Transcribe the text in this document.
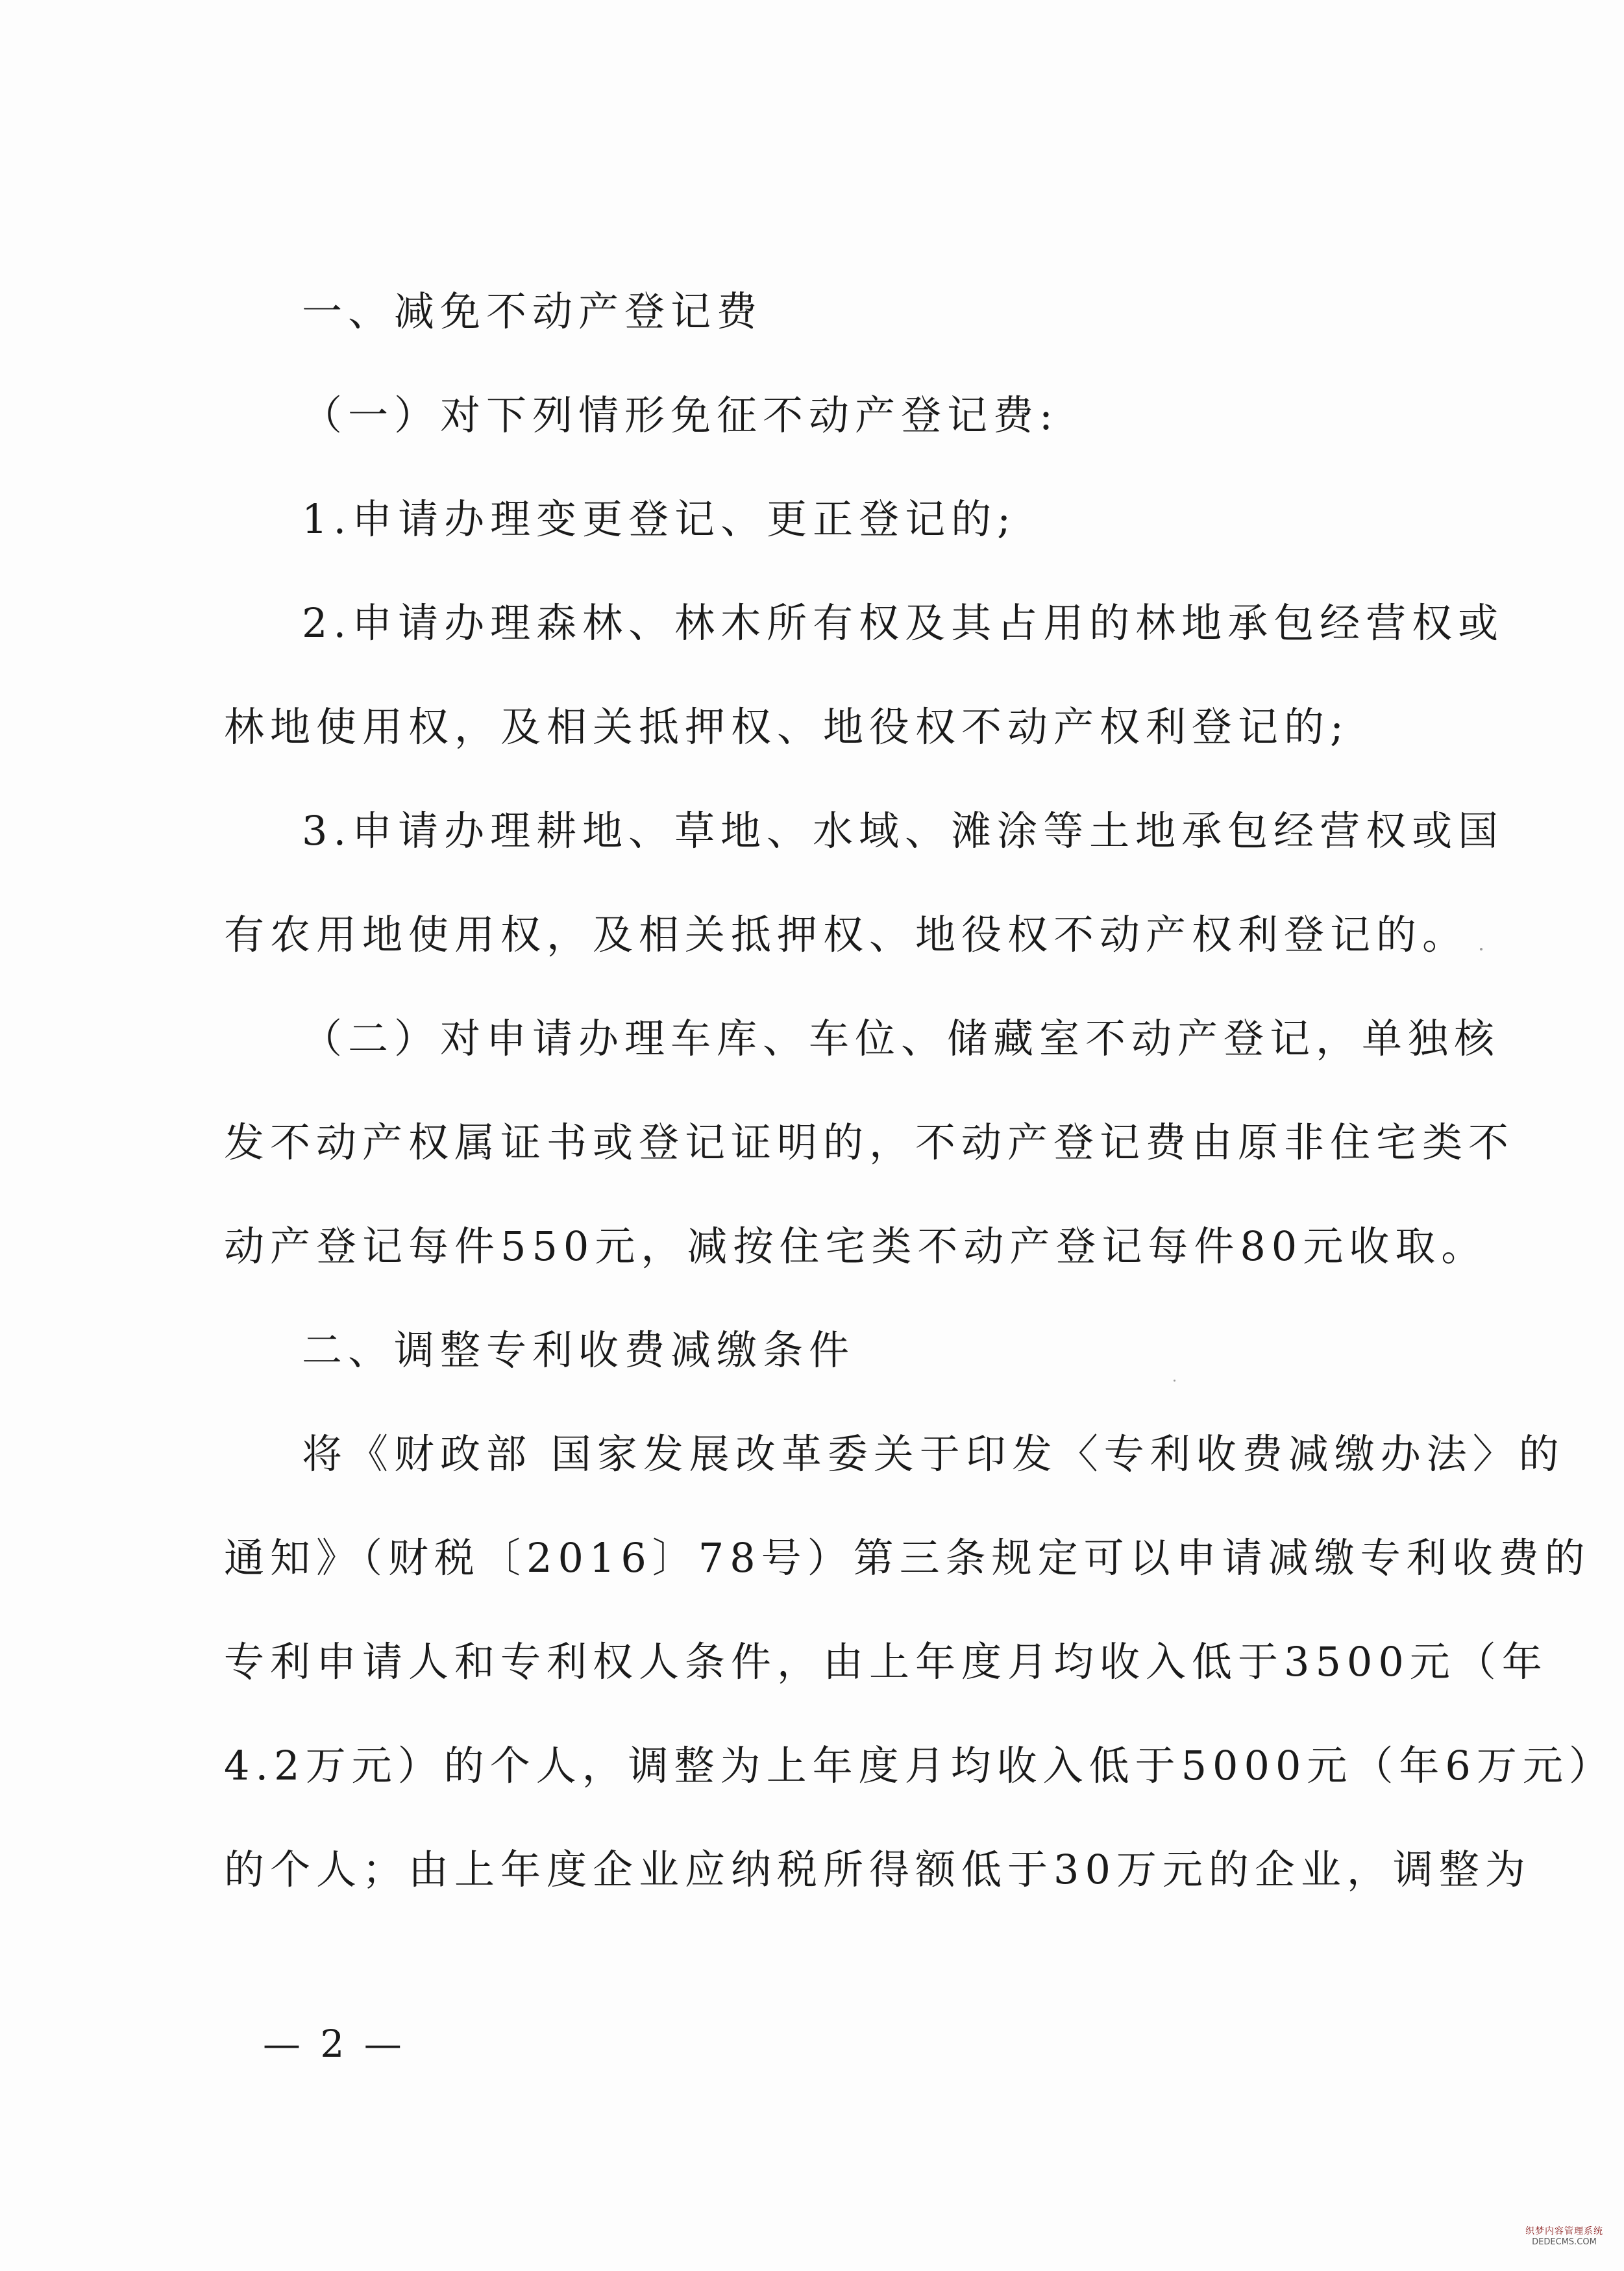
一、减免不动产登记费
（一）对下列情形免征不动产登记费:
1.申请办理变更登记、更正登记的;
2.申请办理森林、林木所有权及其占用的林地承包经营权或
林地使用权，及相关抵押权、地役权不动产权利登记的;
3.申请办理耕地、草地、水域、滩涂等土地承包经营权或国
有农用地使用权，及相关抵押权、地役权不动产权利登记的。
（二）对申请办理车库、车位、储藏室不动产登记，单独核
发不动产权属证书或登记证明的，不动产登记费由原非住宅类不
动产登记每件550元，减按住宅类不动产登记每件80元收取。
二、调整专利收费减缴条件
将《财政部 国家发展改革委关于印发〈专利收费减缴办法〉的
通知》（财税〔2016〕78号）第三条规定可以申请减缴专利收费的
专利申请人和专利权人条件，由上年度月均收入低于3500元（年
4.2万元）的个人，调整为上年度月均收入低于5000元（年6万元）
的个人；由上年度企业应纳税所得额低于30万元的企业，调整为
— 2 —
织梦内容管理系统
DEDECMS.COM
